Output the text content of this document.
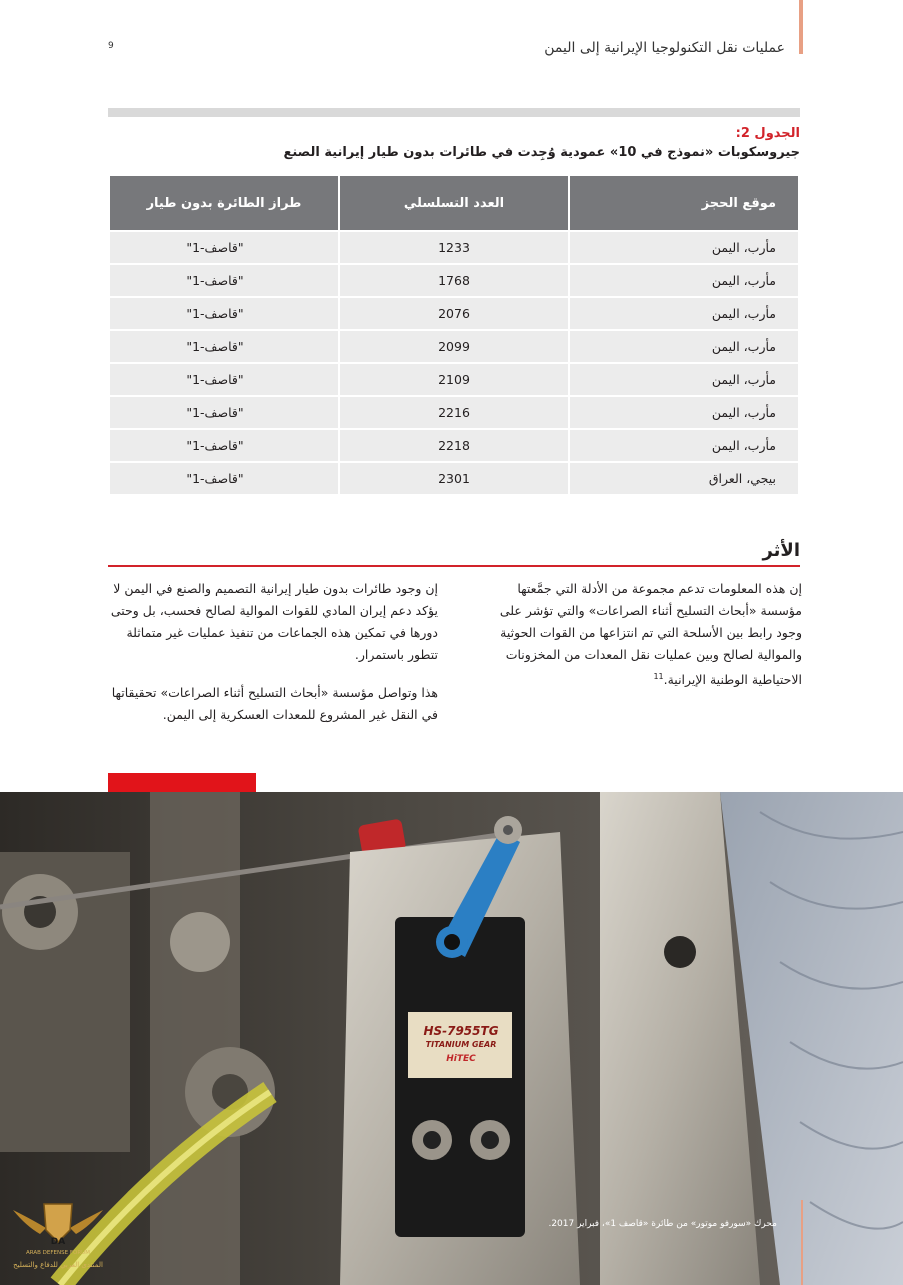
عمليات نقل التكنولوجيا الإيرانية إلى اليمن
9
الجدول 2:
جيروسكوبات «نموذج في 10» عمودية وُجِدت في طائرات بدون طيار إيرانية الصنع
موقع الحجز	العدد التسلسلي	طراز الطائرة بدون طيار
مأرب، اليمن	1233	"قاصف-1"
مأرب، اليمن	1768	"قاصف-1"
مأرب، اليمن	2076	"قاصف-1"
مأرب، اليمن	2099	"قاصف-1"
مأرب، اليمن	2109	"قاصف-1"
مأرب، اليمن	2216	"قاصف-1"
مأرب، اليمن	2218	"قاصف-1"
بيجي، العراق	2301	"قاصف-1"
الأثر

إن هذه المعلومات تدعم مجموعة من الأدلة التي جمَّعتها مؤسسة «أبحاث التسليح أثناء الصراعات» والتي تؤشر على وجود رابط بين الأسلحة التي تم انتزاعها من القوات الحوثية والموالية لصالح وبين عمليات نقل المعدات من المخزونات الاحتياطية الوطنية الإيرانية.$^{11}$

إن وجود طائرات بدون طيار إيرانية التصميم والصنع في اليمن لا يؤكد دعم إيران المادي للقوات الموالية لصالح فحسب، بل وحتى دورها في تمكين هذه الجماعات من تنفيذ عمليات غير متماثلة تتطور باستمرار.

هذا وتواصل مؤسسة «أبحاث التسليح أثناء الصراعات» تحقيقاتها في النقل غير المشروع للمعدات العسكرية إلى اليمن.

HS-7955TG
TITANIUM GEAR
HiTEC
محرك «سورفو موتور» من طائرة «قاصف 1»، فبراير 2017.
DA
ARAB DEFENSE FORUM
المنتدى العربي للدفاع والتسليح
